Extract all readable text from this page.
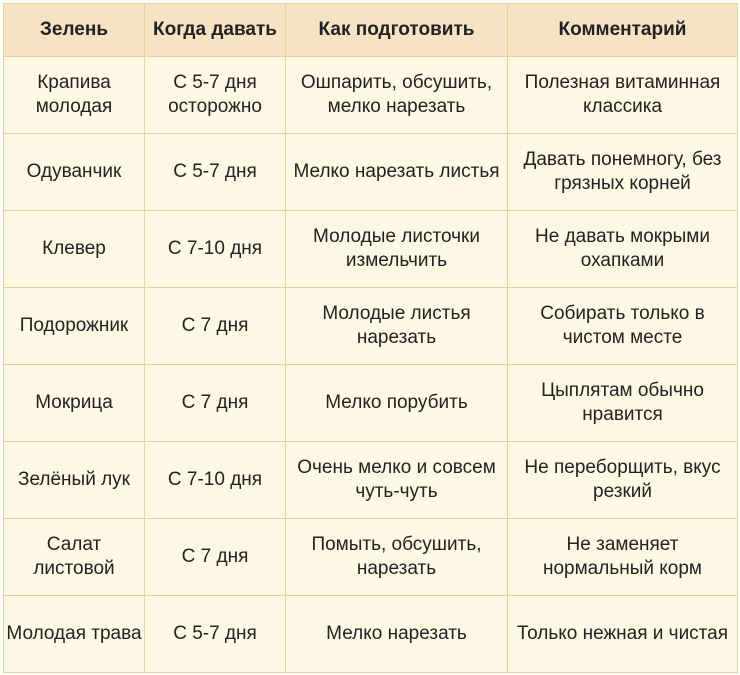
Зелень	Когда давать	Как подготовить	Комментарий
Крапива молодая	С 5-7 дня осторожно	Ошпарить, обсушить, мелко нарезать	Полезная витаминная классика
Одуванчик	С 5-7 дня	Мелко нарезать листья	Давать понемногу, без грязных корней
Клевер	С 7-10 дня	Молодые листочки измельчить	Не давать мокрыми охапками
Подорожник	С 7 дня	Молодые листья нарезать	Собирать только в чистом месте
Мокрица	С 7 дня	Мелко порубить	Цыплятам обычно нравится
Зелёный лук	С 7-10 дня	Очень мелко и совсем чуть-чуть	Не переборщить, вкус резкий
Салат листовой	С 7 дня	Помыть, обсушить, нарезать	Не заменяет нормальный корм
Молодая трава	С 5-7 дня	Мелко нарезать	Только нежная и чистая
